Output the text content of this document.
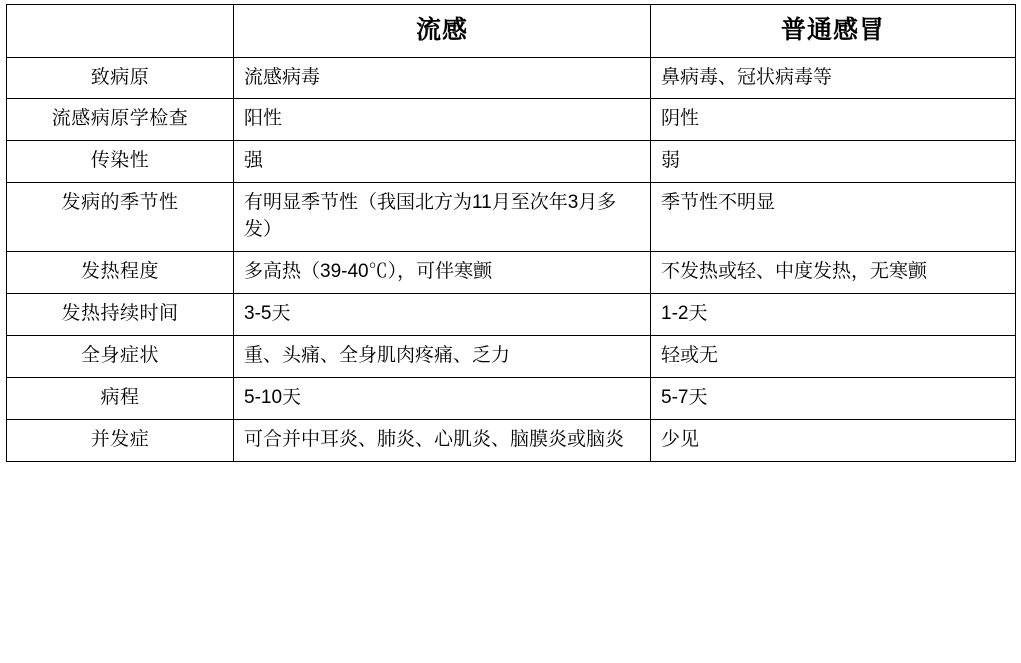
	流感	普通感冒
致病原	流感病毒	鼻病毒、冠状病毒等
流感病原学检查	阳性	阴性
传染性	强	弱
发病的季节性	有明显季节性（我国北方为11月至次年3月多发）	季节性不明显
发热程度	多高热（39-40℃），可伴寒颤	不发热或轻、中度发热，无寒颤
发热持续时间	3-5天	1-2天
全身症状	重、头痛、全身肌肉疼痛、乏力	轻或无
病程	5-10天	5-7天
并发症	可合并中耳炎、肺炎、心肌炎、脑膜炎或脑炎	少见
